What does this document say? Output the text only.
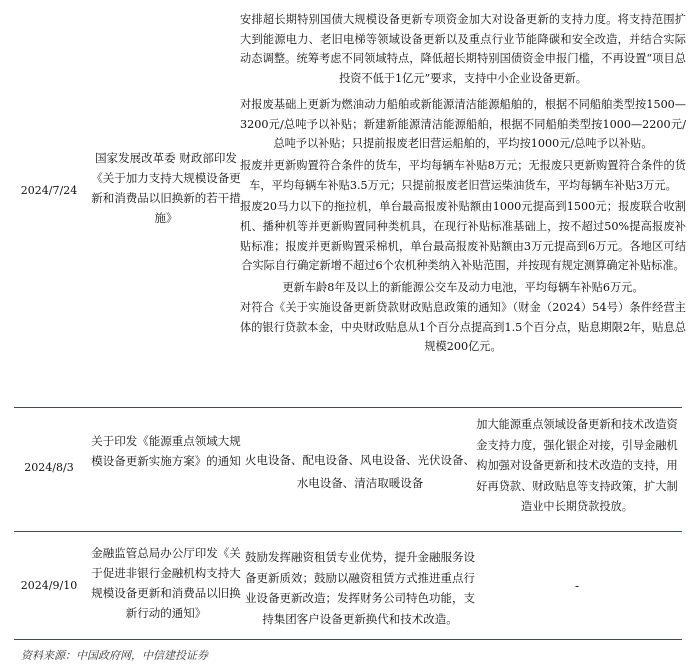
2024/7/24
国家发展改革委 财政部印发《关于加力支持大规模设备更新和消费品以旧换新的若干措施》

安排超长期特别国债大规模设备更新专项资金加大对设备更新的支持力度。将支持范围扩大到能源电力、老旧电梯等领域设备更新以及重点行业节能降碳和安全改造，并结合实际动态调整。统筹考虑不同领域特点，降低超长期特别国债资金申报门槛，不再设置“项目总投资不低于1亿元”要求，支持中小企业设备更新。

对报废基础上更新为燃油动力船舶或新能源清洁能源船舶的，根据不同船舶类型按1500—3200元/总吨予以补贴；新建新能源清洁能源船舶，根据不同船舶类型按1000—2200元/总吨予以补贴；只提前报废老旧营运船舶的，平均按1000元/总吨予以补贴。

报废并更新购置符合条件的货车，平均每辆车补贴8万元；无报废只更新购置符合条件的货车，平均每辆车补贴3.5万元；只提前报废老旧营运柴油货车，平均每辆车补贴3万元。

报废20马力以下的拖拉机，单台最高报废补贴额由1000元提高到1500元；报废联合收割机、播种机等并更新购置同种类机具，在现行补贴标准基础上，按不超过50%提高报废补贴标准；报废并更新购置采棉机，单台最高报废补贴额由3万元提高到6万元。各地区可结合实际自行确定新增不超过6个农机种类纳入补贴范围，并按现有规定测算确定补贴标准。

更新车龄8年及以上的新能源公交车及动力电池，平均每辆车补贴6万元。

对符合《关于实施设备更新贷款财政贴息政策的通知》（财金（2024）54号）条件经营主体的银行贷款本金，中央财政贴息从1个百分点提高到1.5个百分点，贴息期限2年，贴息总规模200亿元。

2024/8/3
关于印发《能源重点领域大规模设备更新实施方案》的通知 火电设备、配电设备、风电设备、光伏设备、水电设备、清洁取暖设备
加大能源重点领域设备更新和技术改造资金支持力度，强化银企对接，引导金融机构加强对设备更新和技术改造的支持，用好再贷款、财政贴息等支持政策，扩大制造业中长期贷款投放。
2024/9/10
金融监管总局办公厅印发《关于促进非银行金融机构支持大规模设备更新和消费品以旧换新行动的通知》
鼓励发挥融资租赁专业优势，提升金融服务设备更新质效；鼓励以融资租赁方式推进重点行业设备更新改造；发挥财务公司特色功能，支持集团客户设备更新换代和技术改造。
-
资料来源：中国政府网，中信建投证券
